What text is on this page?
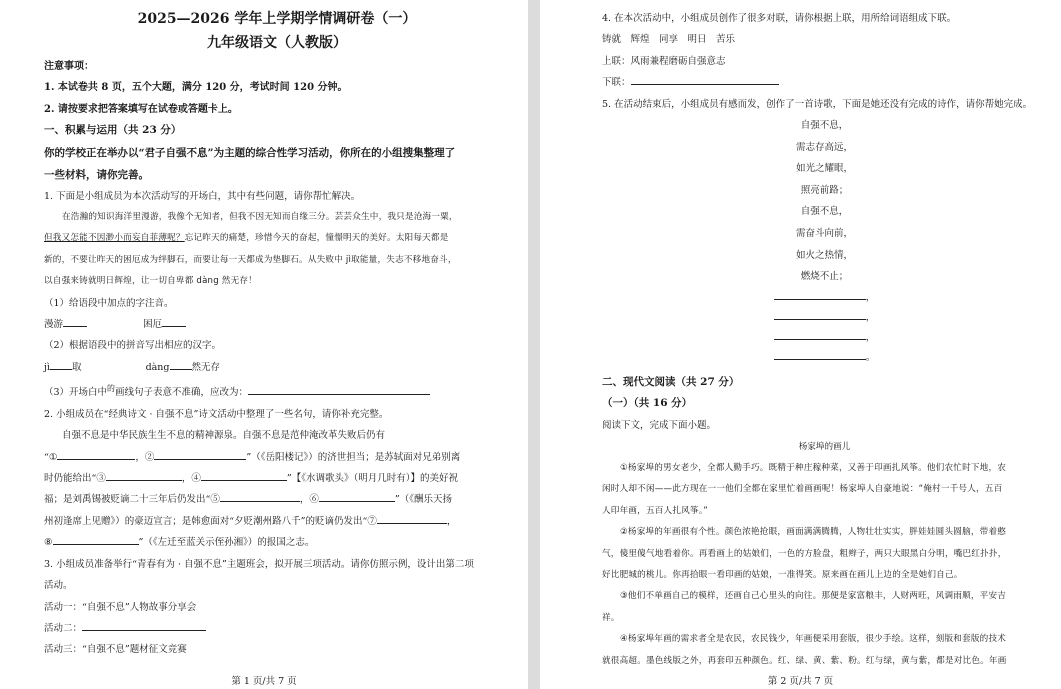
2025—2026 学年上学期学情调研卷（一）
九年级语文（人教版）
注意事项：
1. 本试卷共 8 页，五个大题，满分 120 分，考试时间 120 分钟。
2. 请按要求把答案填写在试卷或答题卡上。
一、积累与运用（共 23 分）
你的学校正在举办以“君子自强不息”为主题的综合性学习活动，你所在的小组搜集整理了
一些材料，请你完善。
1. 下面是小组成员为本次活动写的开场白，其中有些问题，请你帮忙解决。
在浩瀚的知识海洋里漫游，我像个无知者，但我不因无知而自缘三分。芸芸众生中，我只是沧海一粟，
但我又怎能不因渺小而妄自菲薄呢？忘记昨天的痛楚，珍惜今天的奋起，憧憬明天的美好。太阳每天都是
新的，不要让昨天的困厄成为绊脚石，而要让每一天都成为垫脚石。从失败中 jì取能量，失志不移地奋斗，
以自强来铸就明日辉煌，让一切自卑都 dàng 然无存！
（1）给语段中加点的字注音。
漫游	困厄
（2）根据语段中的拼音写出相应的汉字。
jì 取	dàng 然无存
（3）开场白中$^的$画线句子表意不准确，应改为：
2. 小组成员在“经典诗文 · 自强不息”诗文活动中整理了一些名句，请你补充完整。
自强不息是中华民族生生不息的精神源泉。自强不息是范仲淹改革失败后仍有
“①	，②	”（《岳阳楼记》）的济世担当；是苏轼面对兄弟别离
时仍能给出“③	，④	”【《水调歌头》（明月几时有）】的美好祝
福；是刘禹锡被贬谪二十三年后仍发出“⑤	，⑥	”（《酬乐天扬
州初逢席上见赠》）的豪迈宣言；是韩愈面对“夕贬潮州路八千”的贬谪仍发出“⑦	，
⑧	”（《左迁至蓝关示侄孙湘》）的报国之志。
3. 小组成员准备举行“青春有为 · 自强不息”主题班会，拟开展三项活动。请你仿照示例，设计出第二项
活动。
活动一：“自强不息”人物故事分享会
活动二：
活动三：“自强不息”题材征文竞赛
第 1 页/共 7 页
4. 在本次活动中，小组成员创作了很多对联，请你根据上联，用所给词语组成下联。
铸就　辉煌　同享　明日　苦乐
上联：风雨兼程磨砺自强意志
下联：
5. 在活动结束后，小组成员有感而发，创作了一首诗歌，下面是她还没有完成的诗作，请你帮她完成。
自强不息，
需志存高远，
如光之耀眼，
照亮前路；
自强不息，
需奋斗向前，
如火之热情，
燃烧不止；
，
，
，
。
二、现代文阅读（共 27 分）
（一）（共 16 分）
阅读下文，完成下面小题。
杨家埠的画儿
①杨家埠的男女老少，全都人勤手巧。既精于种庄稼种菜，又善于印画扎风筝。他们农忙时下地，农
闲时人却不闲——此方现在一一他们全都在家里忙着画画呢！杨家埠人自豪地说：“俺村一千号人，五百
人印年画，五百人扎风筝。”
②杨家埠的年画很有个性。颜色浓艳抢眼，画面满满腾腾，人物壮壮实实，胖娃娃圆头圆脑，带着憨
气，傻里傻气地看着你。再看画上的姑娘们，一色的方脸盘，粗辫子，两只大眼黑白分明，嘴巴红扑扑，
好比肥城的桃儿。你再拾眼一看印画的姑娘，一准得笑。原来画在画儿上边的全是她们自己。
③他们不单画自己的模样，还画自己心里头的向往。那便是家富粮丰，人财两旺，风调雨顺，平安吉
祥。
④杨家埠年画的需求者全是农民，农民钱少，年画便采用套版，很少手绘。这样，刻版和套版的技术
就很高超。墨色线版之外，再套印五种颜色。红、绿、黄、紫、粉。红与绿，黄与紫，都是对比色。年画
第 2 页/共 7 页
